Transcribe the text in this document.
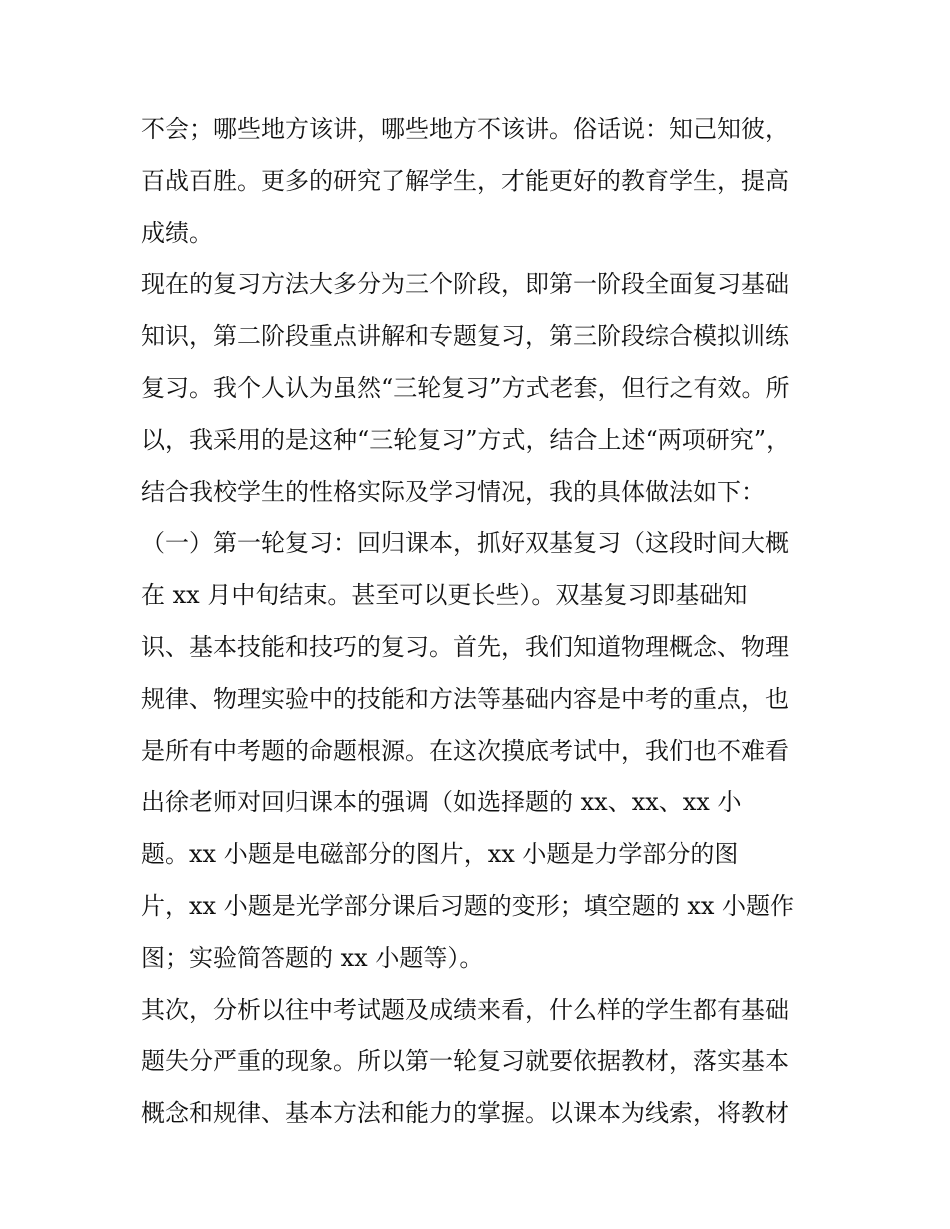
不会；哪些地方该讲，哪些地方不该讲。俗话说：知己知彼，
百战百胜。更多的研究了解学生，才能更好的教育学生，提高
成绩。
现在的复习方法大多分为三个阶段，即第一阶段全面复习基础
知识，第二阶段重点讲解和专题复习，第三阶段综合模拟训练
复习。我个人认为虽然“三轮复习”方式老套，但行之有效。所
以，我采用的是这种“三轮复习”方式，结合上述“两项研究”，
结合我校学生的性格实际及学习情况，我的具体做法如下：
（一）第一轮复习：回归课本，抓好双基复习（这段时间大概
在 xx 月中旬结束。甚至可以更长些）。双基复习即基础知
识、基本技能和技巧的复习。首先，我们知道物理概念、物理
规律、物理实验中的技能和方法等基础内容是中考的重点，也
是所有中考题的命题根源。在这次摸底考试中，我们也不难看
出徐老师对回归课本的强调（如选择题的 xx、xx、xx 小
题。xx 小题是电磁部分的图片，xx 小题是力学部分的图
片，xx 小题是光学部分课后习题的变形；填空题的 xx 小题作
图；实验简答题的 xx 小题等）。
其次，分析以往中考试题及成绩来看，什么样的学生都有基础
题失分严重的现象。所以第一轮复习就要依据教材，落实基本
概念和规律、基本方法和能力的掌握。以课本为线索，将教材
